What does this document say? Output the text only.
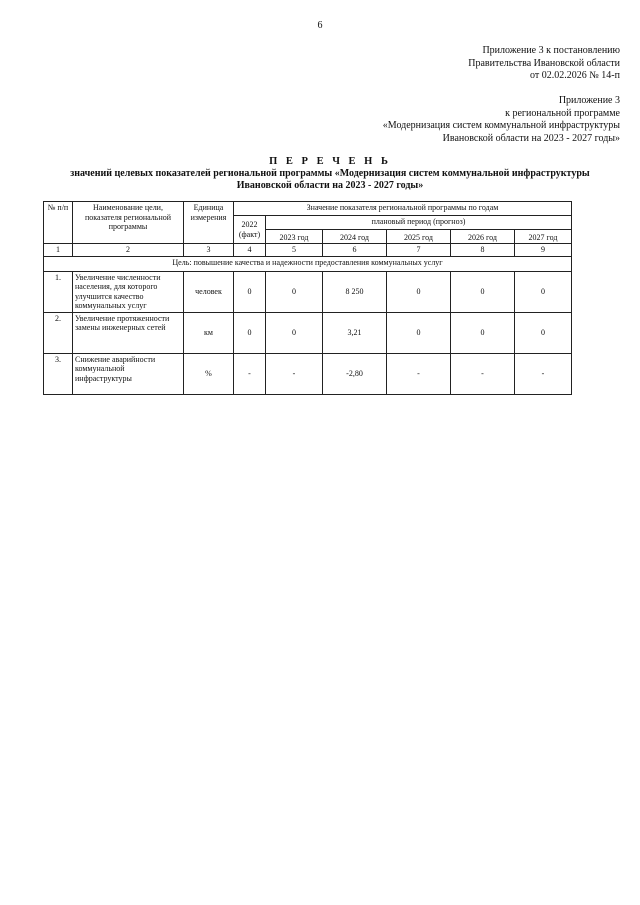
6
Приложение 3 к постановлению
Правительства Ивановской области
от 02.02.2026 № 14-п
Приложение 3
к региональной программе
«Модернизация систем коммунальной инфраструктуры
Ивановской области на 2023 - 2027 годы»
П Е Р Е Ч Е Н Ь
значений целевых показателей региональной программы «Модернизация систем коммунальной инфраструктуры
Ивановской области на 2023 - 2027 годы»
№ п/п	Наименование цели, показателя региональной программы	Единица измерения	Значение показателя региональной программы по годам					
			2022 (факт)	плановый период (прогноз)				
				2023 год	2024 год	2025 год	2026 год	2027 год
1	2	3	4	5	6	7	8	9
Цель: повышение качества и надежности предоставления коммунальных услуг								
1.	Увеличение численности населения, для которого улучшится качество коммунальных услуг	человек	0	0	8 250	0	0	0
2.	Увеличение протяженности замены инженерных сетей	км	0	0	3,21	0	0	0
3.	Снижение аварийности коммунальной инфраструктуры	%	-	-	-2,80	-	-	-
